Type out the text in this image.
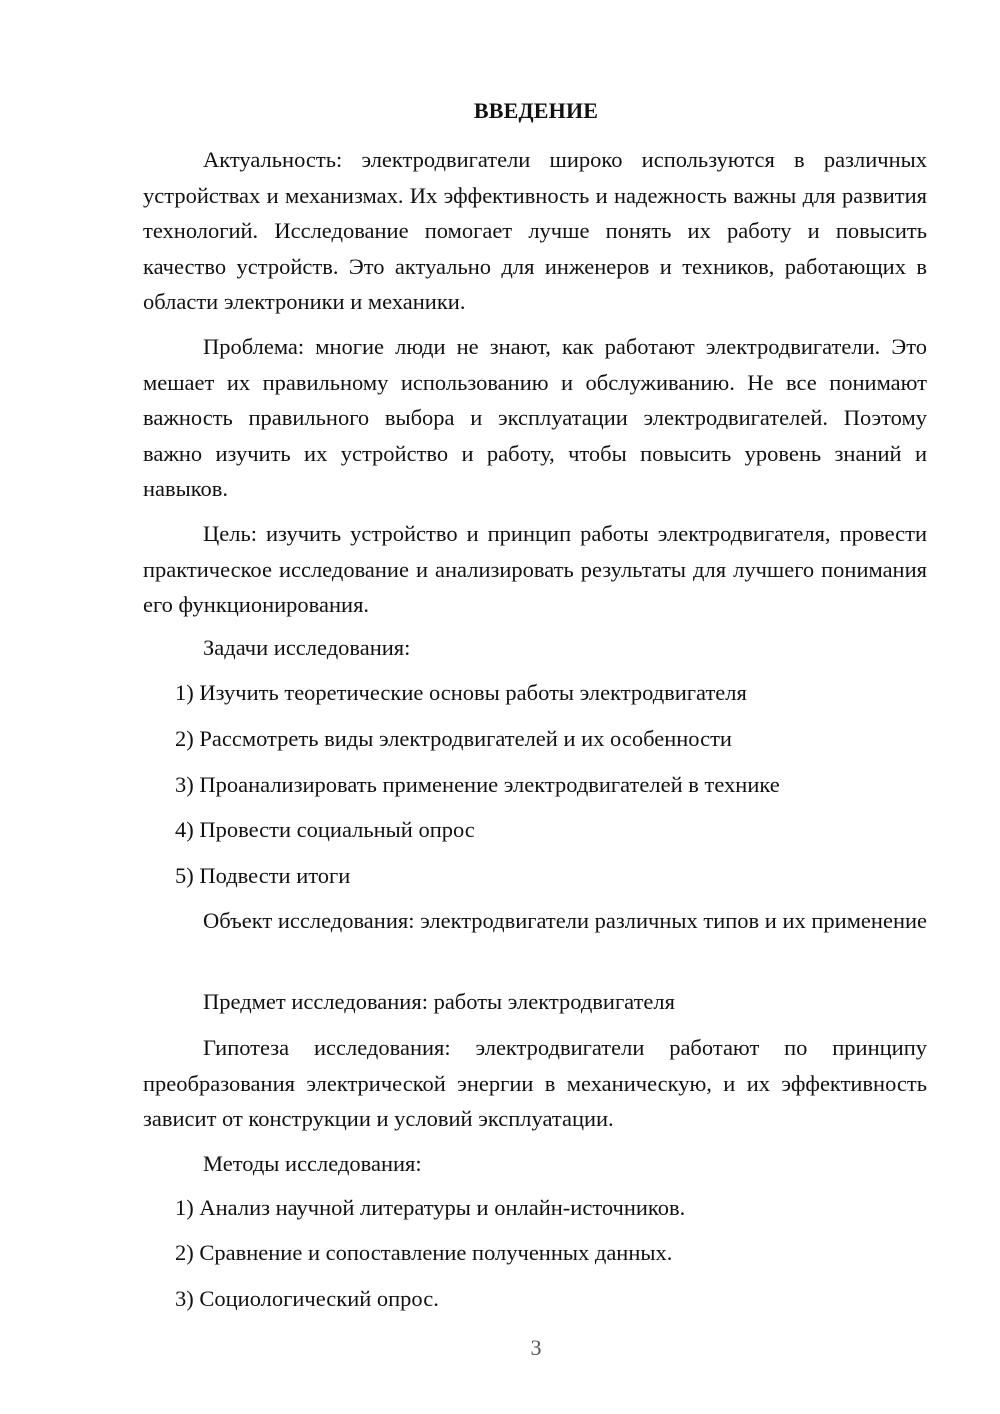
ВВЕДЕНИЕ

Актуальность: электродвигатели широко используются в различных устройствах и механизмах. Их эффективность и надежность важны для развития технологий. Исследование помогает лучше понять их работу и повысить качество устройств. Это актуально для инженеров и техников, работающих в области электроники и механики.

Проблема: многие люди не знают, как работают электродвигатели. Это мешает их правильному использованию и обслуживанию. Не все понимают важность правильного выбора и эксплуатации электродвигателей. Поэтому важно изучить их устройство и работу, чтобы повысить уровень знаний и навыков.

Цель: изучить устройство и принцип работы электродвигателя, провести практическое исследование и анализировать результаты для лучшего понимания его функционирования.

Задачи исследования:
1) Изучить теоретические основы работы электродвигателя
2) Рассмотреть виды электродвигателей и их особенности
3) Проанализировать применение электродвигателей в технике
4) Провести социальный опрос
5) Подвести итоги

Объект исследования: электродвигатели различных типов и их применение

Предмет исследования: работы электродвигателя

Гипотеза исследования: электродвигатели работают по принципу преобразования электрической энергии в механическую, и их эффективность зависит от конструкции и условий эксплуатации.

Методы исследования:
1) Анализ научной литературы и онлайн-источников.
2) Сравнение и сопоставление полученных данных.
3) Социологический опрос.
3
